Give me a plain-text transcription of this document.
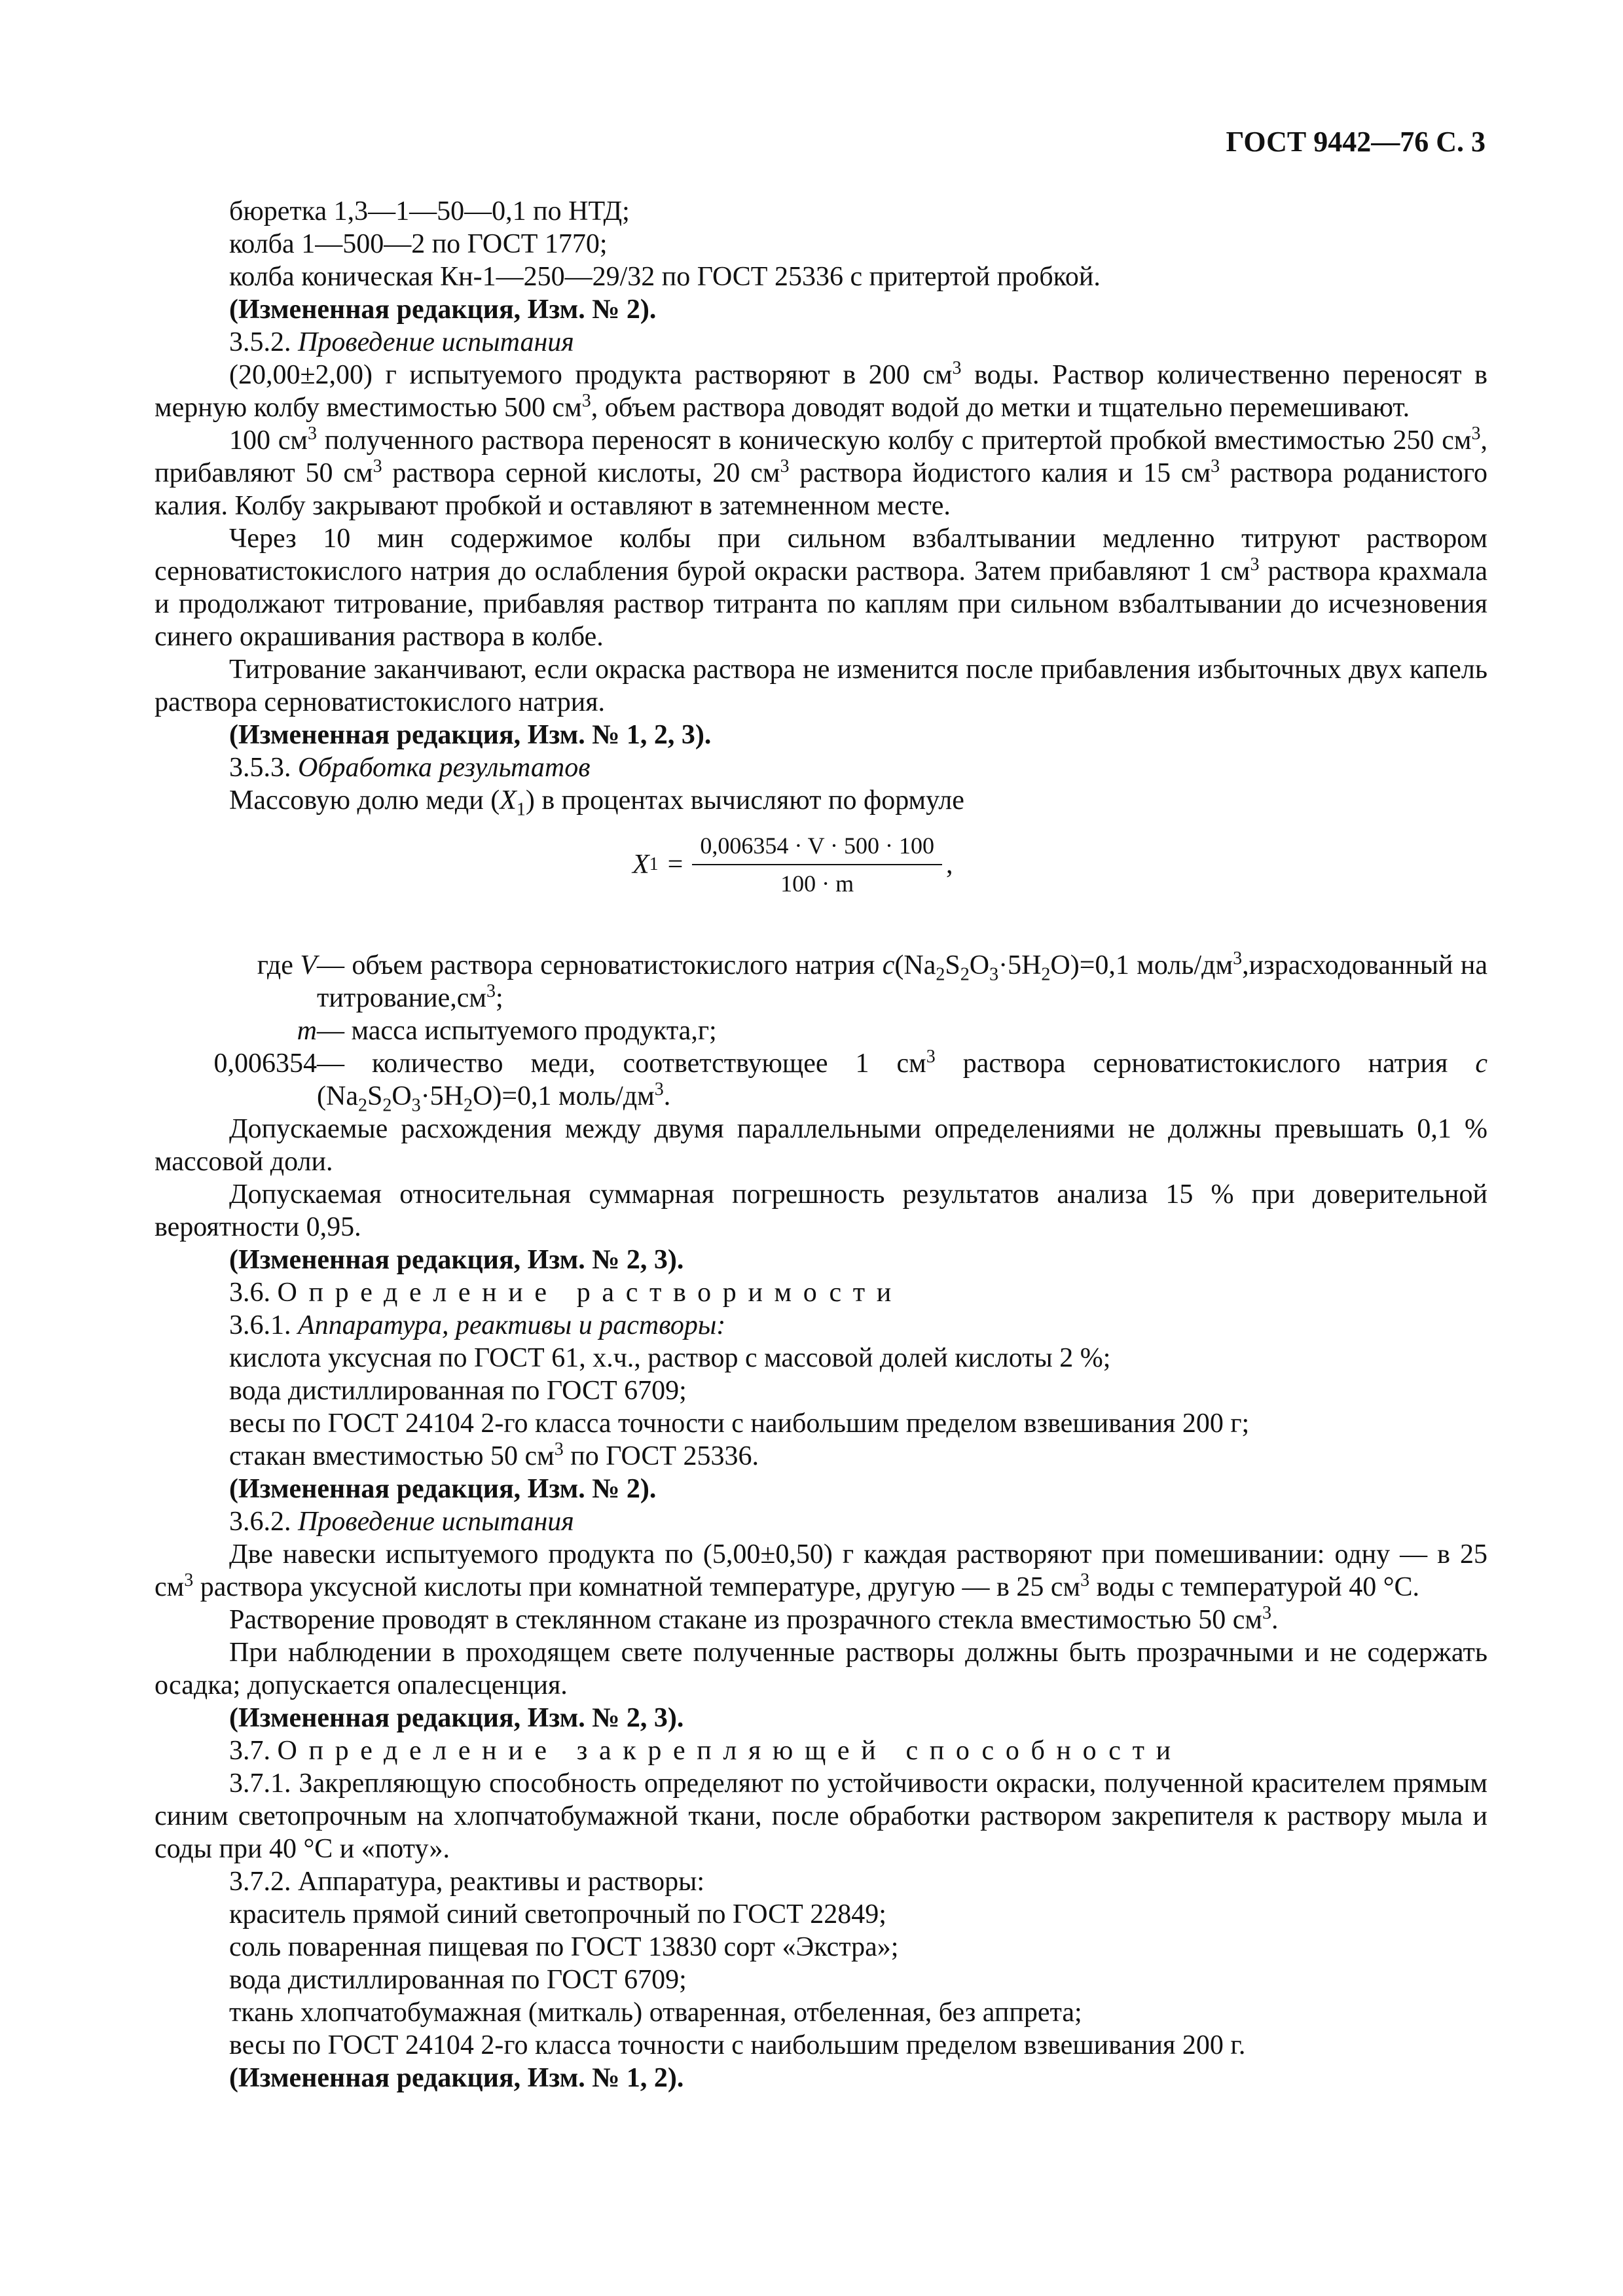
ГОСТ 9442—76 С. 3

бюретка 1,3—1—50—0,1 по НТД;

колба 1—500—2 по ГОСТ 1770;

колба коническая Кн-1—250—29/32 по ГОСТ 25336 с притертой пробкой.

(Измененная редакция, Изм. № 2).

3.5.2. Проведение испытания

(20,00±2,00) г испытуемого продукта растворяют в 200 $см^3$ воды. Раствор количественно переносят в мерную колбу вместимостью 500 $см^3$, объем раствора доводят водой до метки и тщательно перемешивают.

100 $см^3$ полученного раствора переносят в коническую колбу с притертой пробкой вместимостью 250 $см^3$, прибавляют 50 $см^3$ раствора серной кислоты, 20 $см^3$ раствора йодистого калия и 15 $см^3$ раствора роданистого калия. Колбу закрывают пробкой и оставляют в затемненном месте.

Через 10 мин содержимое колбы при сильном взбалтывании медленно титруют раствором серноватистокислого натрия до ослабления бурой окраски раствора. Затем прибавляют 1 $см^3$ раствора крахмала и продолжают титрование, прибавляя раствор титранта по каплям при сильном взбалтывании до исчезновения синего окрашивания раствора в колбе.

Титрование заканчивают, если окраска раствора не изменится после прибавления избыточных двух капель раствора серноватистокислого натрия.

(Измененная редакция, Изм. № 1, 2, 3).

3.5.3. Обработка результатов

Массовую долю меди $(X_1)$ в процентах вычисляют по формуле

X $1 = \frac{0,006354 \cdot V \cdot 500 \cdot 100}{100 \cdot m}$ ,
где V — объем раствора серноватистокислого натрия $c(Na_2S_2O_3\cdot 5H_2O)=0,1$ моль/$дм^3,израсходованный$ на $титрование,см^3$;
m — масса испытуемого продукта,г;
0,006354 — количество меди, соответствующее 1 $см^3$ раствора серноватистокислого натрия c $(Na_2S_2O_3\cdot 5H_2O)=0,1$ моль/$дм^3$.

Допускаемые расхождения между двумя параллельными определениями не должны превышать 0,1 % массовой доли.

Допускаемая относительная суммарная погрешность результатов анализа 15 % при доверительной вероятности 0,95.

(Измененная редакция, Изм. № 2, 3).

3.6. Определение растворимости

3.6.1. Аппаратура, реактивы и растворы:

кислота уксусная по ГОСТ 61, х.ч., раствор с массовой долей кислоты 2 %;

вода дистиллированная по ГОСТ 6709;

весы по ГОСТ 24104 2-го класса точности с наибольшим пределом взвешивания 200 г;

стакан вместимостью 50 $см^3$ по ГОСТ 25336.

(Измененная редакция, Изм. № 2).

3.6.2. Проведение испытания

Две навески испытуемого продукта по (5,00±0,50) г каждая растворяют при помешивании: одну — в 25 $см^3$ раствора уксусной кислоты при комнатной температуре, другую — в 25 $см^3$ воды с температурой 40 °С.

Растворение проводят в стеклянном стакане из прозрачного стекла вместимостью 50 $см^3$.

При наблюдении в проходящем свете полученные растворы должны быть прозрачными и не содержать осадка; допускается опалесценция.

(Измененная редакция, Изм. № 2, 3).

3.7. Определение закрепляющей способности

3.7.1. Закрепляющую способность определяют по устойчивости окраски, полученной красителем прямым синим светопрочным на хлопчатобумажной ткани, после обработки раствором закрепителя к раствору мыла и соды при 40 °С и «поту».

3.7.2. Аппаратура, реактивы и растворы:

краситель прямой синий светопрочный по ГОСТ 22849;

соль поваренная пищевая по ГОСТ 13830 сорт «Экстра»;

вода дистиллированная по ГОСТ 6709;

ткань хлопчатобумажная (миткаль) отваренная, отбеленная, без аппрета;

весы по ГОСТ 24104 2-го класса точности с наибольшим пределом взвешивания 200 г.

(Измененная редакция, Изм. № 1, 2).
